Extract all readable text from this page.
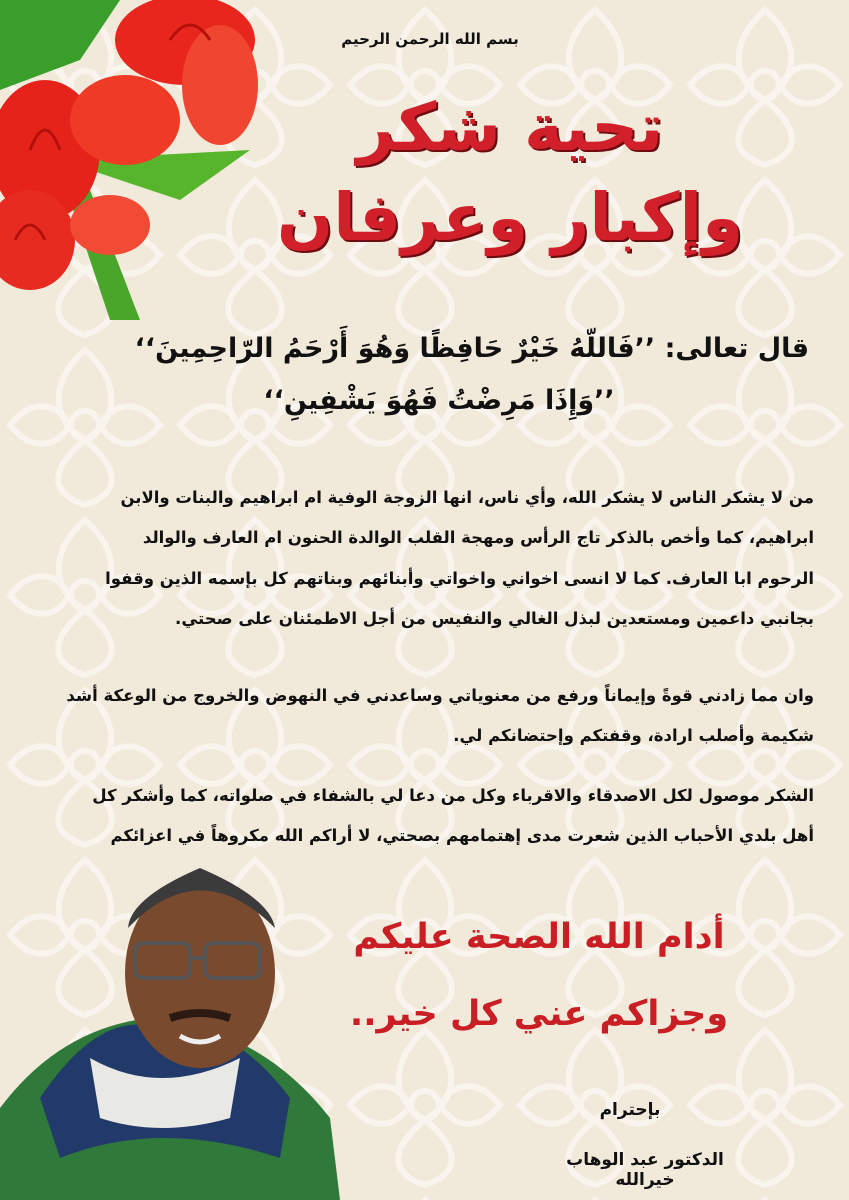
بسم الله الرحمن الرحيم
تحية شكر
وإكبار وعرفان
قال تعالى: ’’فَاللّهُ خَيْرٌ حَافِظًا وَهُوَ أَرْحَمُ الرّاحِمِينَ‘‘
’’وَإِذَا مَرِضْتُ فَهُوَ يَشْفِينِ‘‘
من لا يشكر الناس لا يشكر الله، وأي ناس، انها الزوجة الوفية ام ابراهيم والبنات والابن
ابراهيم، كما وأخص بالذكر تاج الرأس ومهجة القلب الوالدة الحنون ام العارف والوالد
الرحوم ابا العارف. كما لا انسى اخواني واخواتي وأبنائهم وبناتهم كل بإسمه الذين وقفوا
بجانبي داعمين ومستعدين لبذل الغالي والنفيس من أجل الاطمئنان على صحتي.
وان مما زادني قوةً وإيماناً ورفع من معنوياتي وساعدني في النهوض والخروج من الوعكة أشد
شكيمة وأصلب ارادة، وقفتكم وإحتضانكم لي.
الشكر موصول لكل الاصدقاء والاقرباء وكل من دعا لي بالشفاء في صلواته، كما وأشكر كل
أهل بلدي الأحباب الذين شعرت مدى إهتمامهم بصحتي، لا أراكم الله مكروهاً في اعزائكم
أدام الله الصحة عليكم
وجزاكم عني كل خير..
بإحترام
الدكتور عبد الوهاب خيرالله
